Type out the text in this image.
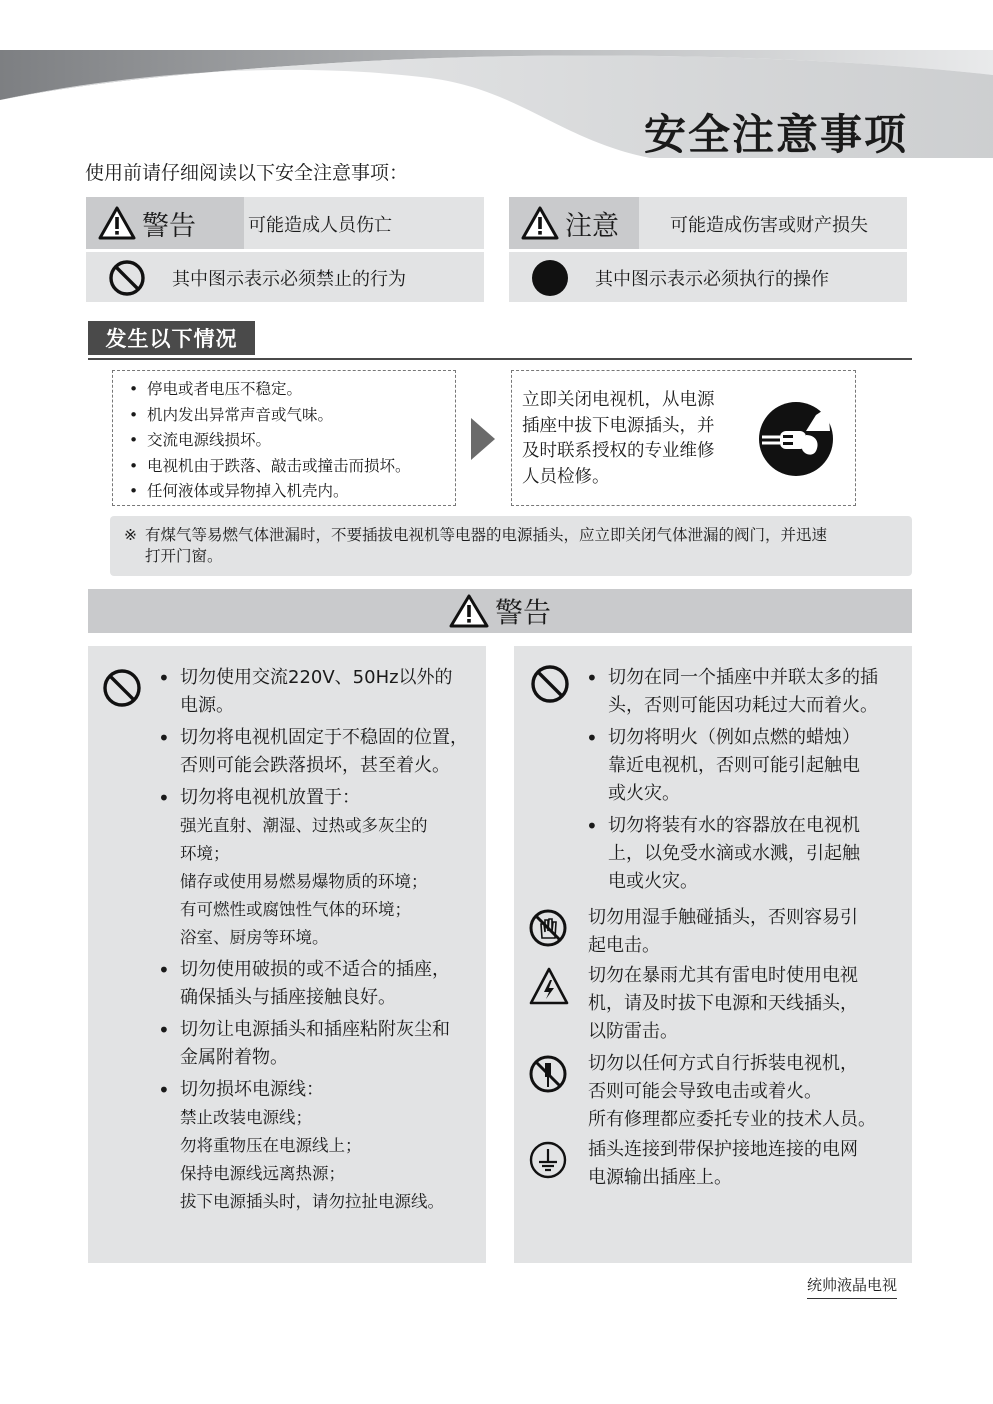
安全注意事项
使用前请仔细阅读以下安全注意事项：
警告	可能造成人员伤亡
其中图示表示必须禁止的行为
注意	可能造成伤害或财产损失
其中图示表示必须执行的操作
发生以下情况
• 停电或者电压不稳定。
• 机内发出异常声音或气味。
• 交流电源线损坏。
• 电视机由于跌落、敲击或撞击而损坏。
• 任何液体或异物掉入机壳内。
立即关闭电视机，从电源
插座中拔下电源插头，并
及时联系授权的专业维修
人员检修。
※ 有煤气等易燃气体泄漏时，不要插拔电视机等电器的电源插头，应立即关闭气体泄漏的阀门，并迅速
打开门窗。
警告
• 切勿使用交流220V、50Hz以外的
电源。
• 切勿将电视机固定于不稳固的位置，
否则可能会跌落损坏，甚至着火。
• 切勿将电视机放置于：
强光直射、潮湿、过热或多灰尘的
环境；
储存或使用易燃易爆物质的环境；
有可燃性或腐蚀性气体的环境；
浴室、厨房等环境。
• 切勿使用破损的或不适合的插座，
确保插头与插座接触良好。
• 切勿让电源插头和插座粘附灰尘和
金属附着物。
• 切勿损坏电源线：
禁止改装电源线；
勿将重物压在电源线上；
保持电源线远离热源；
拔下电源插头时，请勿拉扯电源线。
• 切勿在同一个插座中并联太多的插
头，否则可能因功耗过大而着火。
• 切勿将明火（例如点燃的蜡烛）
靠近电视机，否则可能引起触电
或火灾。
• 切勿将装有水的容器放在电视机
上，以免受水滴或水溅，引起触
电或火灾。
切勿用湿手触碰插头，否则容易引
起电击。
切勿在暴雨尤其有雷电时使用电视
机，请及时拔下电源和天线插头，
以防雷击。
切勿以任何方式自行拆装电视机，
否则可能会导致电击或着火。
所有修理都应委托专业的技术人员。
插头连接到带保护接地连接的电网
电源输出插座上。
统帅液晶电视
